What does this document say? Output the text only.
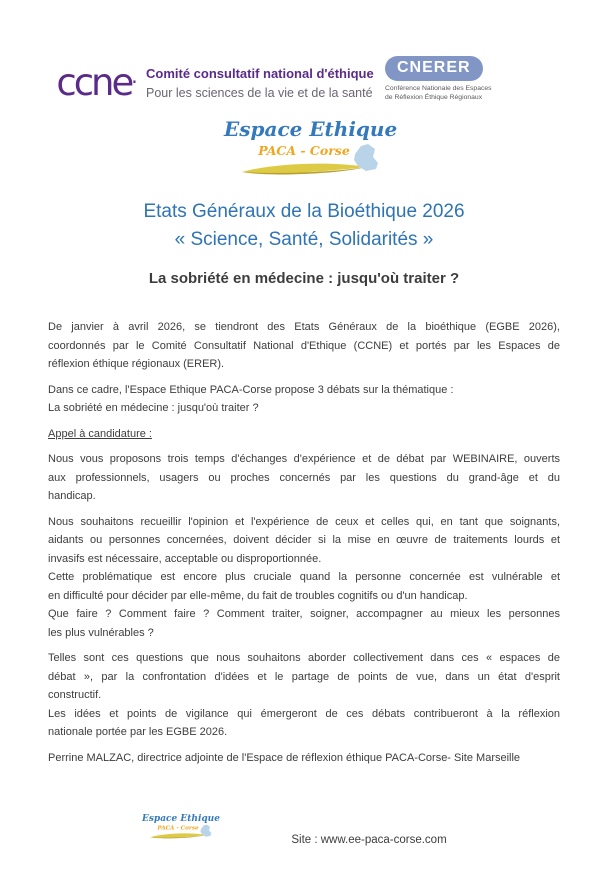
ccne· Comité consultatif national d'éthique
Pour les sciences de la vie et de la santé
CNERER
Conférence Nationale des Espaces
de Réflexion Éthique Régionaux
Espace Ethique
PACA - Corse
Etats Généraux de la Bioéthique 2026
« Science, Santé, Solidarités »
La sobriété en médecine : jusqu'où traiter ?
De janvier à avril 2026, se tiendront des Etats Généraux de la bioéthique (EGBE 2026),
coordonnés par le Comité Consultatif National d'Ethique (CCNE) et portés par les Espaces de
réflexion éthique régionaux (ERER).
Dans ce cadre, l'Espace Ethique PACA-Corse propose 3 débats sur la thématique :
La sobriété en médecine : jusqu'où traiter ?
Appel à candidature :
Nous vous proposons trois temps d'échanges d'expérience et de débat par WEBINAIRE, ouverts
aux professionnels, usagers ou proches concernés par les questions du grand-âge et du
handicap.
Nous souhaitons recueillir l'opinion et l'expérience de ceux et celles qui, en tant que soignants,
aidants ou personnes concernées, doivent décider si la mise en œuvre de traitements lourds et
invasifs est nécessaire, acceptable ou disproportionnée.
Cette problématique est encore plus cruciale quand la personne concernée est vulnérable et
en difficulté pour décider par elle-même, du fait de troubles cognitifs ou d'un handicap.
Que faire ? Comment faire ? Comment traiter, soigner, accompagner au mieux les personnes
les plus vulnérables ?
Telles sont ces questions que nous souhaitons aborder collectivement dans ces « espaces de
débat », par la confrontation d'idées et le partage de points de vue, dans un état d'esprit
constructif.
Les idées et points de vigilance qui émergeront de ces débats contribueront à la réflexion
nationale portée par les EGBE 2026.
Perrine MALZAC, directrice adjointe de l'Espace de réflexion éthique PACA-Corse- Site Marseille
Espace Ethique
PACA - Corse
Site : www.ee-paca-corse.com
